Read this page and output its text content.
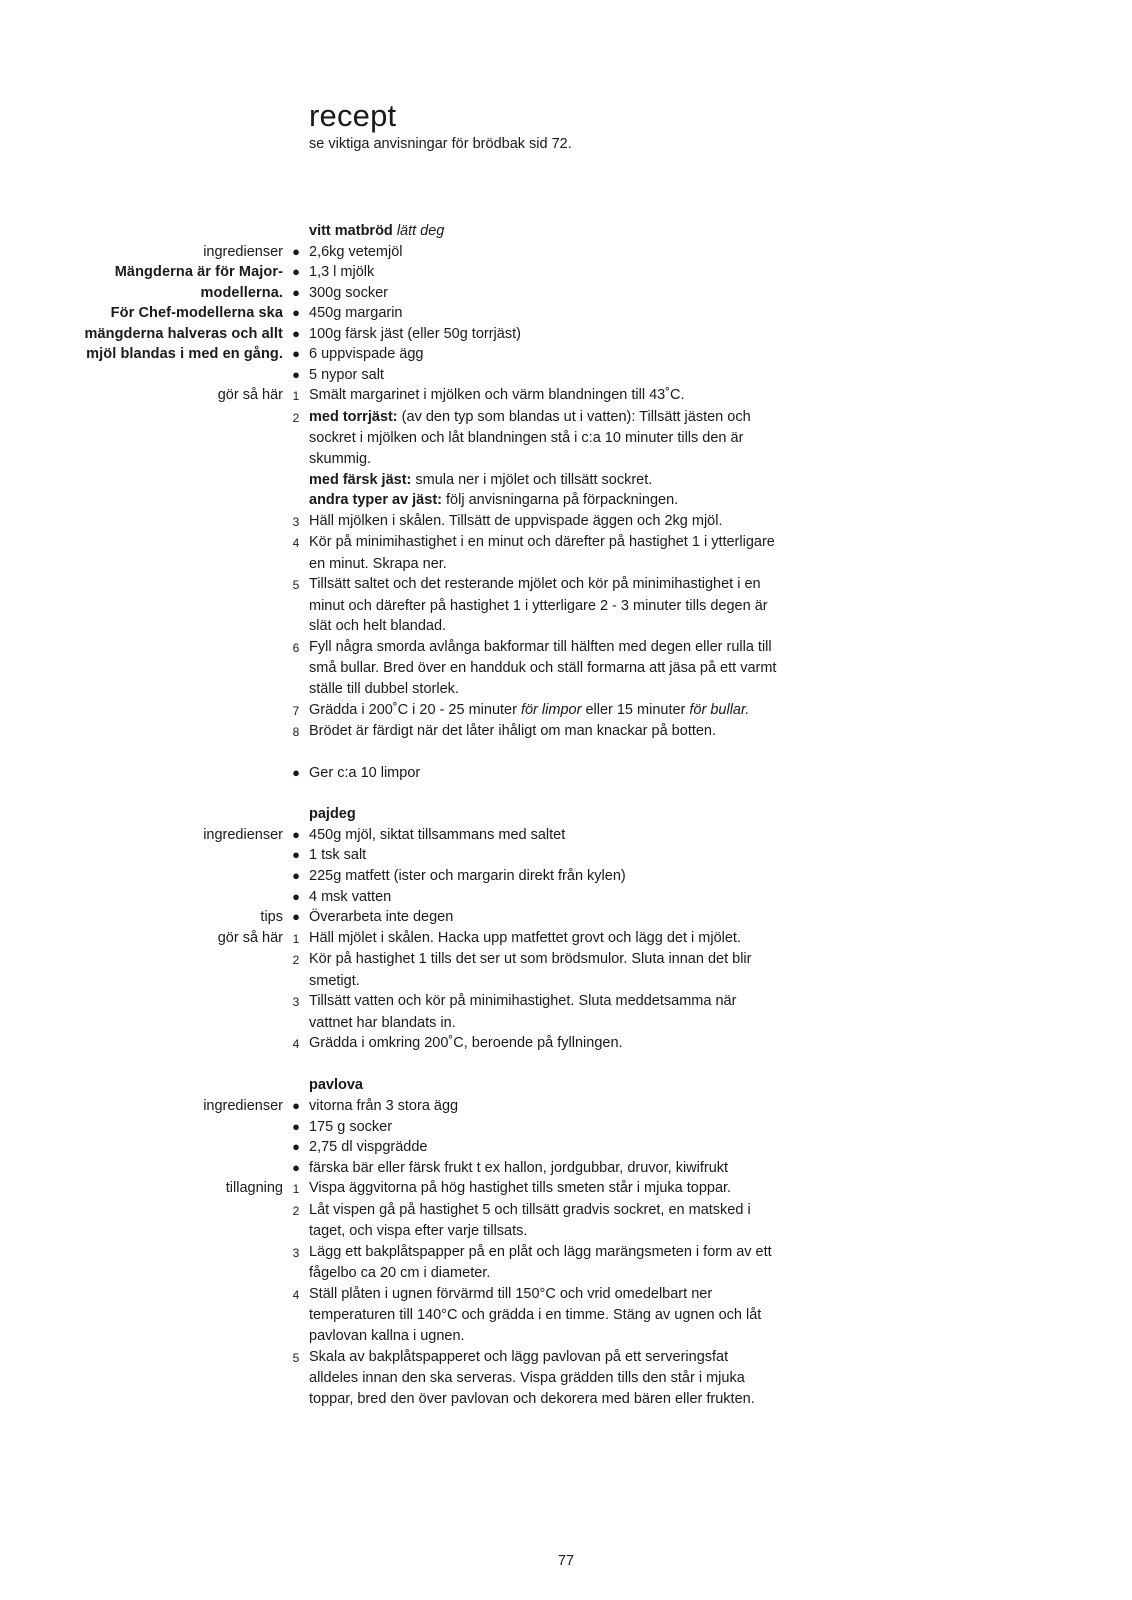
recept

se viktiga anvisningar för brödbak sid 72.

vitt matbröd lätt deg
ingredienser ● 2,6kg vetemjöl
Mängderna är för Major- ● 1,3 l mjölk
modellerna. ● 300g socker
För Chef-modellerna ska ● 450g margarin
mängderna halveras och allt ● 100g färsk jäst (eller 50g torrjäst)
mjöl blandas i med en gång. ● 6 uppvispade ägg
● 5 nypor salt
gör så här 1 Smält margarinet i mjölken och värm blandningen till 43˚C.
2 med torrjäst: (av den typ som blandas ut i vatten): Tillsätt jästen och
sockret i mjölken och låt blandningen stå i c:a 10 minuter tills den är
skummig.
med färsk jäst: smula ner i mjölet och tillsätt sockret.
andra typer av jäst: följ anvisningarna på förpackningen.
3 Häll mjölken i skålen. Tillsätt de uppvispade äggen och 2kg mjöl.
4 Kör på minimihastighet i en minut och därefter på hastighet 1 i ytterligare
en minut. Skrapa ner.
5 Tillsätt saltet och det resterande mjölet och kör på minimihastighet i en
minut och därefter på hastighet 1 i ytterligare 2 - 3 minuter tills degen är
slät och helt blandad.
6 Fyll några smorda avlånga bakformar till hälften med degen eller rulla till
små bullar. Bred över en handduk och ställ formarna att jäsa på ett varmt
ställe till dubbel storlek.
7 Grädda i 200˚C i 20 - 25 minuter för limpor eller 15 minuter för bullar.
8 Brödet är färdigt när det låter ihåligt om man knackar på botten.
● Ger c:a 10 limpor
pajdeg
ingredienser ● 450g mjöl, siktat tillsammans med saltet
● 1 tsk salt
● 225g matfett (ister och margarin direkt från kylen)
● 4 msk vatten
tips ● Överarbeta inte degen
gör så här 1 Häll mjölet i skålen. Hacka upp matfettet grovt och lägg det i mjölet.
2 Kör på hastighet 1 tills det ser ut som brödsmulor. Sluta innan det blir
smetigt.
3 Tillsätt vatten och kör på minimihastighet. Sluta meddetsamma när
vattnet har blandats in.
4 Grädda i omkring 200˚C, beroende på fyllningen.
pavlova
ingredienser ● vitorna från 3 stora ägg
● 175 g socker
● 2,75 dl vispgrädde
● färska bär eller färsk frukt t ex hallon, jordgubbar, druvor, kiwifrukt
tillagning 1 Vispa äggvitorna på hög hastighet tills smeten står i mjuka toppar.
2 Låt vispen gå på hastighet 5 och tillsätt gradvis sockret, en matsked i
taget, och vispa efter varje tillsats.
3 Lägg ett bakplåtspapper på en plåt och lägg marängsmeten i form av ett
fågelbo ca 20 cm i diameter.
4 Ställ plåten i ugnen förvärmd till 150°C och vrid omedelbart ner
temperaturen till 140°C och grädda i en timme. Stäng av ugnen och låt
pavlovan kallna i ugnen.
5 Skala av bakplåtspapperet och lägg pavlovan på ett serveringsfat
alldeles innan den ska serveras. Vispa grädden tills den står i mjuka
toppar, bred den över pavlovan och dekorera med bären eller frukten.
77
